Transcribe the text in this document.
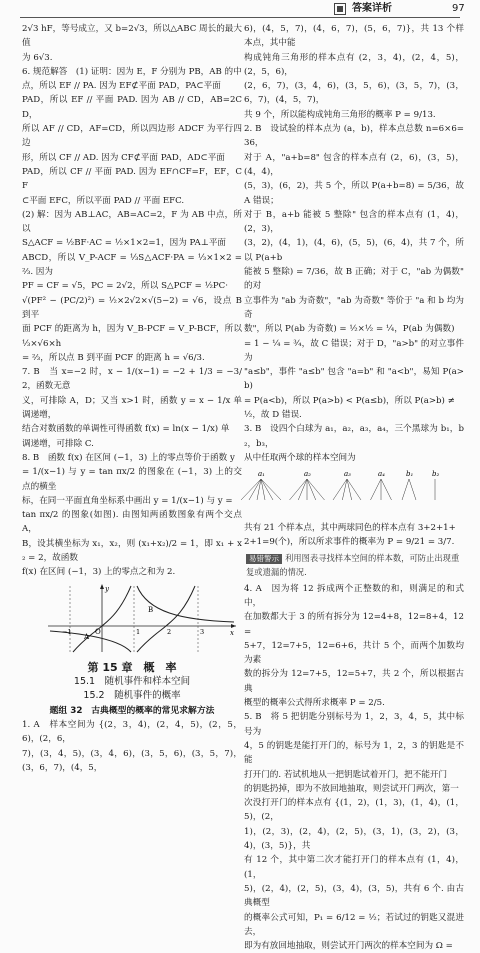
答案详析	97

2√3 hF，等号成立，又 b=2√3，所以△ABC 周长的最大值

为 6√3.

6. 规范解答　(1) 证明：因为 E，F 分别为 PB，AB 的中

点，所以 EF // PA. 因为 EF⊄平面 PAD，PA⊂平面

PAD，所以 EF // 平面 PAD. 因为 AB // CD，AB=2CD，

所以 AF // CD，AF=CD，所以四边形 ADCF 为平行四边

形，所以 CF // AD. 因为 CF⊄平面 PAD，AD⊂平面

PAD，所以 CF // 平面 PAD. 因为 EF∩CF=F，EF，CF

⊂平面 EFC，所以平面 PAD // 平面 EFC.

(2) 解：因为 AB⊥AC，AB=AC=2，F 为 AB 中点，所以

S△ACF = ½BF·AC = ½×1×2=1，因为 PA⊥平面

ABCD，所以 V_P-ACF = ⅓S△ACF·PA = ⅓×1×2 = ⅔. 因为

PF = CF = √5，PC = 2√2，所以 S△PCF = ½PC·

√(PF² − (PC/2)²) = ½×2√2×√(5−2) = √6，设点 B 到平

面 PCF 的距离为 h，因为 V_B-PCF = V_P-BCF，所以 ⅓×√6×h

= ⅔，所以点 B 到平面 PCF 的距离 h = √6/3.

7. B　当 x=−2 时，x − 1/(x−1) = −2 + 1/3 = −3/2，函数无意

义，可排除 A，D；又当 x>1 时，函数 y = x − 1/x 单调递增，

结合对数函数的单调性可得函数 f(x) = ln(x − 1/x) 单

调递增，可排除 C.

8. B　函数 f(x) 在区间 (−1，3) 上的零点等价于函数 y

= 1/(x−1) 与 y = tan πx/2 的图象在 (−1，3) 上的交点的横坐

标，在同一平面直角坐标系中画出 y = 1/(x−1) 与 y =

tan πx/2 的图象(如图). 由图知两函数图象有两个交点 A，

B，设其横坐标为 x₁，x₂，则 (x₁+x₂)/2 = 1，即 x₁ + x₂ = 2，故函数

f(x) 在区间 (−1，3) 上的零点之和为 2.

y
x
O
A
B
−1	1	2	3
第 15 章　概　率
15.1　随机事件和样本空间
15.2　随机事件的概率
题组 32　古典概型的概率的常见求解方法

1. A　样本空间为 {(2，3，4)，(2，4，5)，(2，5，6)，(2，6，

7)，(3，4，5)，(3，4，6)，(3，5，6)，(3，5，7)，(3，6，7)，(4，5，

6)，(4，5，7)，(4，6，7)，(5，6，7)}，共 13 个样本点，其中能

构成钝角三角形的样本点有 (2，3，4)，(2，4，5)，(2，5，6)，

(2，6，7)，(3，4，6)，(3，5，6)，(3，5，7)，(3，6，7)，(4，5，7)，

共 9 个，所以能构成钝角三角形的概率 P = 9/13.

2. B　设试验的样本点为 (a，b)，样本点总数 n=6×6=36，

对于 A，"a+b=8" 包含的样本点有 (2，6)，(3，5)，(4，4)，

(5，3)，(6，2)，共 5 个，所以 P(a+b=8) = 5/36，故 A 错误；

对于 B，a+b 能被 5 整除" 包含的样本点有 (1，4)，(2，3)，

(3，2)，(4，1)，(4，6)，(5，5)，(6，4)，共 7 个，所以 P(a+b

能被 5 整除) = 7/36，故 B 正确；对于 C，"ab 为偶数" 的对

立事件为 "ab 为奇数"，"ab 为奇数" 等价于 "a 和 b 均为奇

数"，所以 P(ab 为奇数) = ½×½ = ¼，P(ab 为偶数)

= 1 − ¼ = ¾，故 C 错误；对于 D，"a>b" 的对立事件为

"a≤b"，事件 "a≤b" 包含 "a=b" 和 "a<b"，易知 P(a>b)

= P(a<b)，所以 P(a>b) < P(a≤b)，所以 P(a>b) ≠

½，故 D 错误.

3. B　设四个白球为 a₁，a₂，a₃，a₄，三个黑球为 b₁，b₂，b₃，

从中任取两个球的样本空间为

a₁	a₂	a₃	a₄	b₁	b₂

共有 21 个样本点，其中两球同色的样本点有 3+2+1+

2+1=9(个)，所以所求事件的概率为 P = 9/21 = 3/7.

易错警示 利用图表寻找样本空间的样本数，可防止出现重复或遗漏的情况.

4. A　因为将 12 拆成两个正整数的和，则满足的和式中，

在加数都大于 3 的所有拆分为 12=4+8，12=8+4，12=

5+7，12=7+5，12=6+6，共计 5 个，而两个加数均为素

数的拆分为 12=7+5，12=5+7，共 2 个，所以根据古典

概型的概率公式得所求概率 P = 2/5.

5. B　将 5 把钥匙分别标号为 1，2，3，4，5，其中标号为

4，5 的钥匙是能打开门的，标号为 1，2，3 的钥匙是不能

打开门的. 若试机地从一把钥匙试着开门，把不能开门

的钥匙扔掉，即为不放回地抽取，则尝试开门两次，第一

次没打开门的样本点有 {(1，2)，(1，3)，(1，4)，(1，5)，(2，

1)，(2，3)，(2，4)，(2，5)，(3，1)，(3，2)，(3，4)，(3，5)}，共

有 12 个，其中第二次才能打开门的样本点有 (1，4)，(1，

5)，(2，4)，(2，5)，(3，4)，(3，5)，共有 6 个. 由古典概型

的概率公式可知，P₁ = 6/12 = ½；若试过的钥匙又混进去，

即为有放回地抽取，则尝试开门两次的样本空间为 Ω =
